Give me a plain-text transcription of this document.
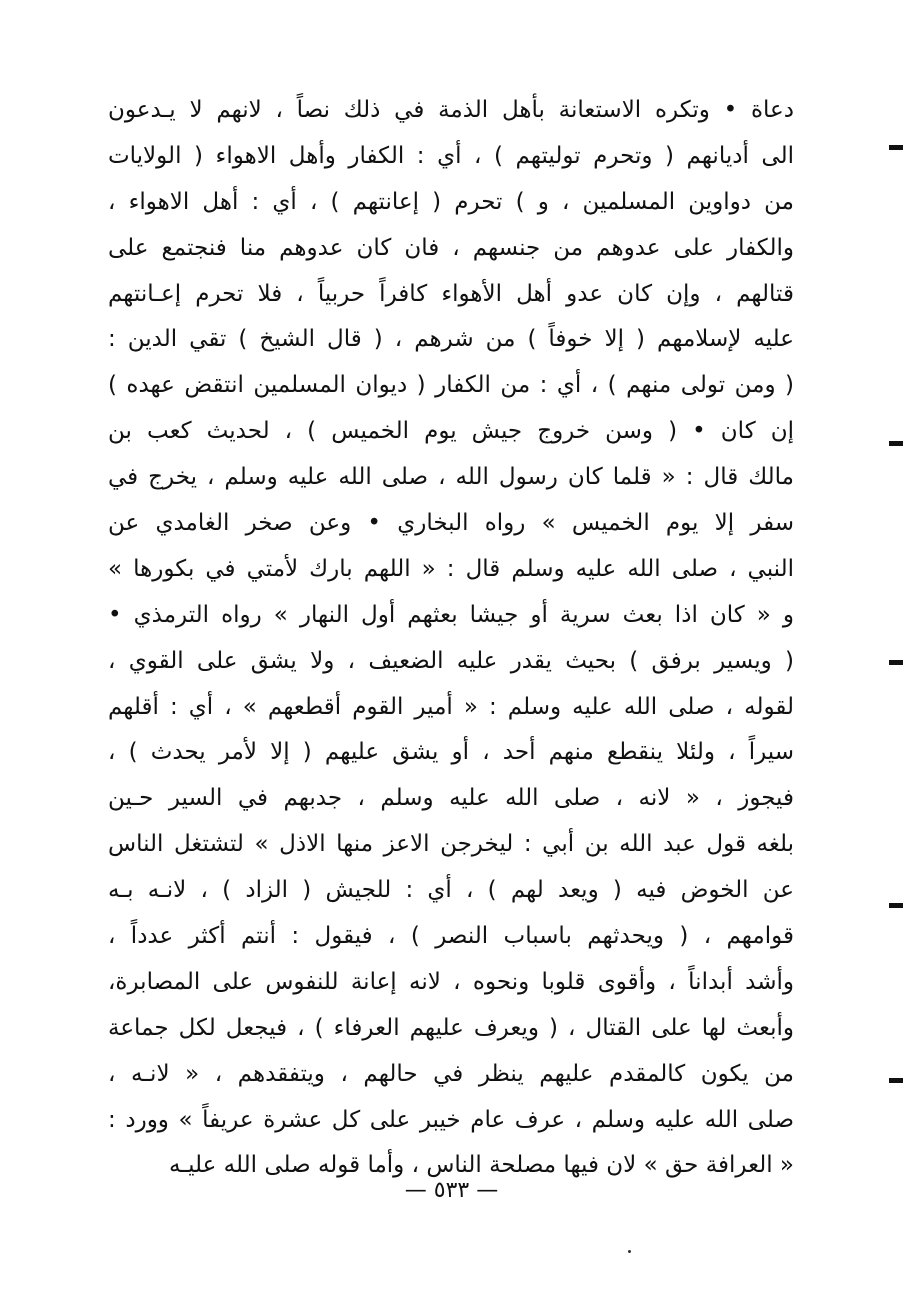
دعاة • وتكره الاستعانة بأهل الذمة في ذلك نصاً ، لانهم لا يـدعون
الى أديانهم ( وتحرم توليتهم ) ، أي : الكفار وأهل الاهواء ( الولايات
من دواوين المسلمين ، و ) تحرم ( إعانتهم ) ، أي : أهل الاهواء ،
والكفار على عدوهم من جنسهم ، فان كان عدوهم منا فنجتمع على
قتالهم ، وإن كان عدو أهل الأهواء كافراً حربياً ، فلا تحرم إعـانتهم
عليه لإسلامهم ( إلا خوفاً ) من شرهم ، ( قال الشيخ ) تقي الدين :
( ومن تولى منهم ) ، أي : من الكفار ( ديوان المسلمين انتقض عهده )
إن كان • ( وسن خروج جيش يوم الخميس ) ، لحديث كعب بن
مالك قال : « قلما كان رسول الله ، صلى الله عليه وسلم ، يخرج في
سفر إلا يوم الخميس » رواه البخاري • وعن صخر الغامدي عن
النبي ، صلى الله عليه وسلم قال : « اللهم بارك لأمتي في بكورها »
و « كان اذا بعث سرية أو جيشا بعثهم أول النهار » رواه الترمذي •
( ويسير برفق ) بحيث يقدر عليه الضعيف ، ولا يشق على القوي ،
لقوله ، صلى الله عليه وسلم : « أمير القوم أقطعهم » ، أي : أقلهم
سيراً ، ولئلا ينقطع منهم أحد ، أو يشق عليهم ( إلا لأمر يحدث ) ،
فيجوز ، « لانه ، صلى الله عليه وسلم ، جدبهم في السير حـين
بلغه قول عبد الله بن أبي : ليخرجن الاعز منها الاذل » لتشتغل الناس
عن الخوض فيه ( ويعد لهم ) ، أي : للجيش ( الزاد ) ، لانـه بـه
قوامهم ، ( ويحدثهم باسباب النصر ) ، فيقول : أنتم أكثر عدداً ،
وأشد أبداناً ، وأقوى قلوبا ونحوه ، لانه إعانة للنفوس على المصابرة،
وأبعث لها على القتال ، ( ويعرف عليهم العرفاء ) ، فيجعل لكل جماعة
من يكون كالمقدم عليهم ينظر في حالهم ، ويتفقدهم ، « لانـه ،
صلى الله عليه وسلم ، عرف عام خيبر على كل عشرة عريفاً » وورد :
« العرافة حق » لان فيها مصلحة الناس ، وأما قوله صلى الله عليـه
— ٥٣٣ —
